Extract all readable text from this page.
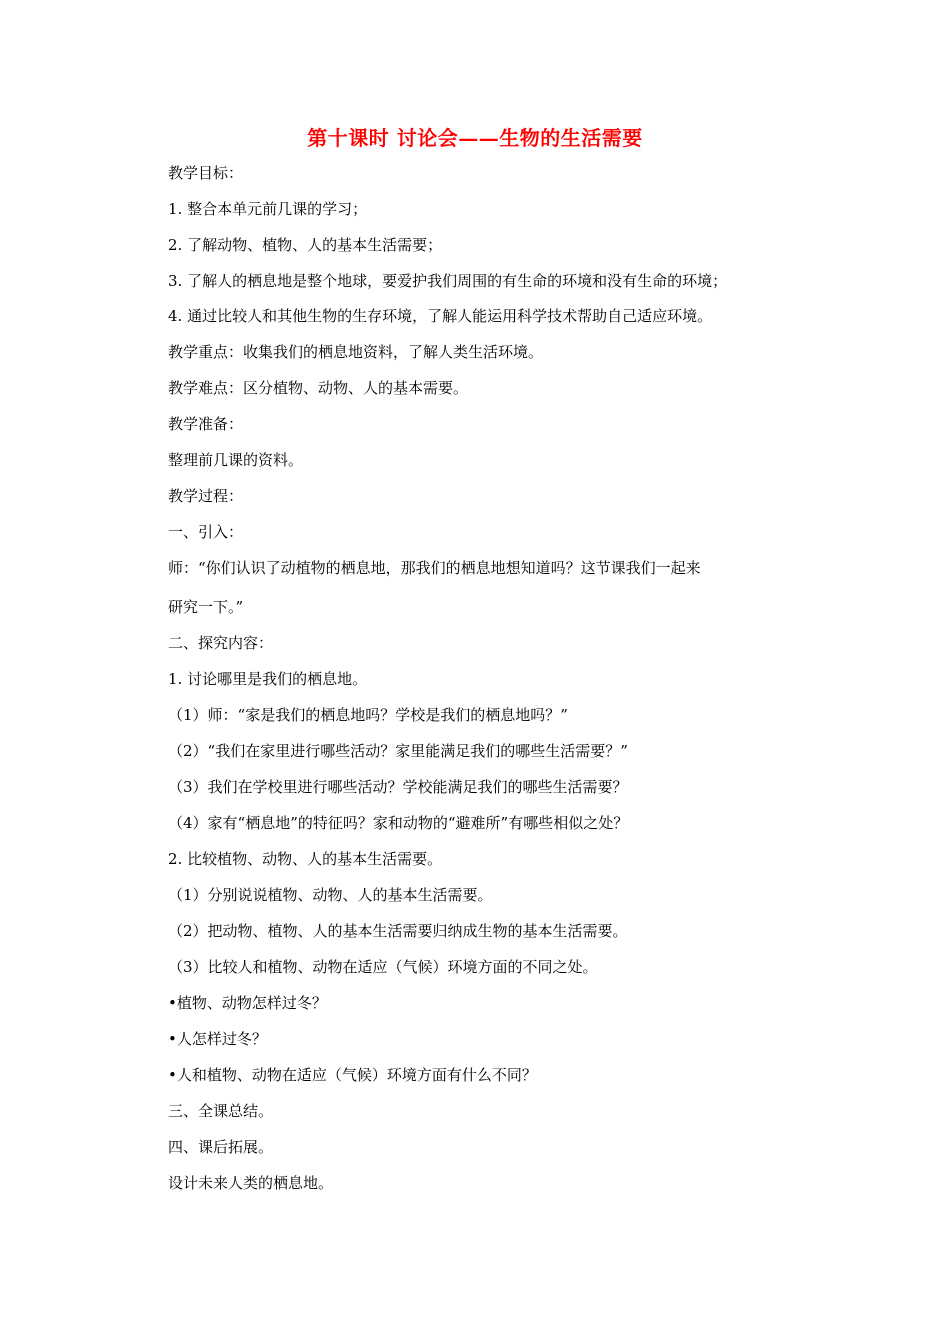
第十课时 讨论会——生物的生活需要
教学目标：
1. 整合本单元前几课的学习；
2. 了解动物、植物、人的基本生活需要；
3. 了解人的栖息地是整个地球，要爱护我们周围的有生命的环境和没有生命的环境；
4. 通过比较人和其他生物的生存环境，了解人能运用科学技术帮助自己适应环境。
教学重点：收集我们的栖息地资料，了解人类生活环境。
教学难点：区分植物、动物、人的基本需要。
教学准备：
整理前几课的资料。
教学过程：
一、引入：
师：“你们认识了动植物的栖息地，那我们的栖息地想知道吗？这节课我们一起来
研究一下。”
二、探究内容：
1. 讨论哪里是我们的栖息地。
（1）师：“家是我们的栖息地吗？学校是我们的栖息地吗？”
（2）“我们在家里进行哪些活动？家里能满足我们的哪些生活需要？”
（3）我们在学校里进行哪些活动？学校能满足我们的哪些生活需要？
（4）家有“栖息地”的特征吗？家和动物的“避难所”有哪些相似之处？
2. 比较植物、动物、人的基本生活需要。
（1）分别说说植物、动物、人的基本生活需要。
（2）把动物、植物、人的基本生活需要归纳成生物的基本生活需要。
（3）比较人和植物、动物在适应（气候）环境方面的不同之处。
•植物、动物怎样过冬？
•人怎样过冬？
•人和植物、动物在适应（气候）环境方面有什么不同？
三、全课总结。
四、课后拓展。
设计未来人类的栖息地。
